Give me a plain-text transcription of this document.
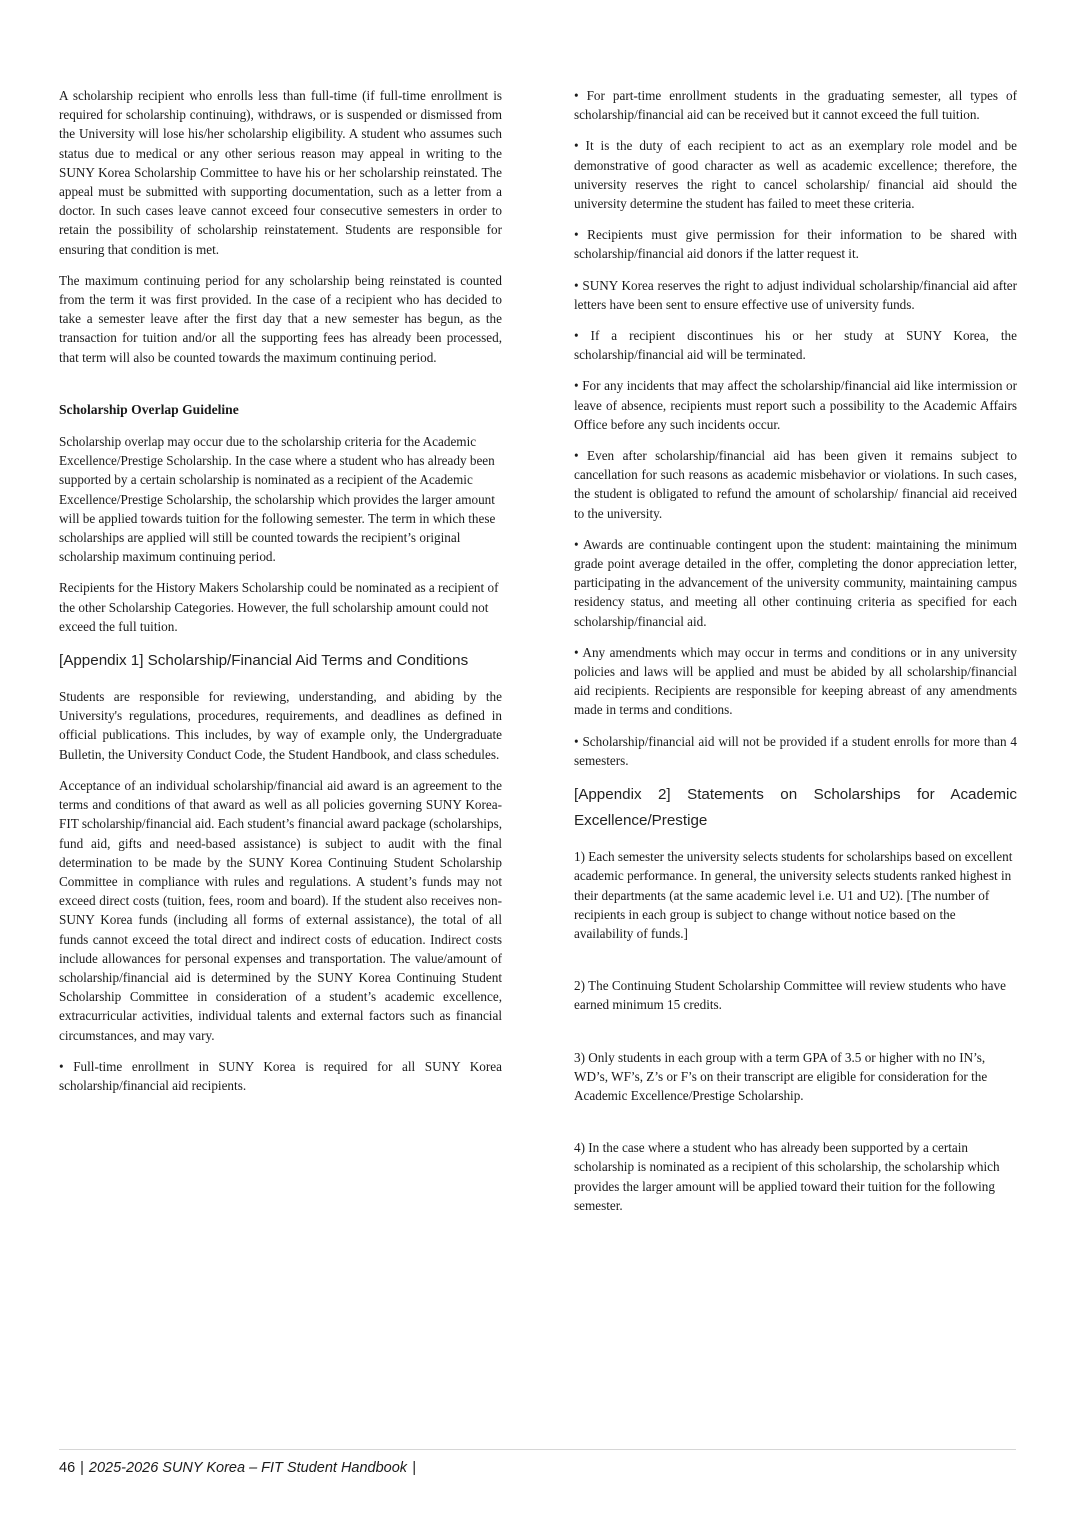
A scholarship recipient who enrolls less than full-time (if full-time enrollment is required for scholarship continuing), withdraws, or is suspended or dismissed from the University will lose his/her scholarship eligibility. A student who assumes such status due to medical or any other serious reason may appeal in writing to the SUNY Korea Scholarship Committee to have his or her scholarship reinstated. The appeal must be submitted with supporting documentation, such as a letter from a doctor. In such cases leave cannot exceed four consecutive semesters in order to retain the possibility of scholarship reinstatement. Students are responsible for ensuring that condition is met.
The maximum continuing period for any scholarship being reinstated is counted from the term it was first provided. In the case of a recipient who has decided to take a semester leave after the first day that a new semester has begun, as the transaction for tuition and/or all the supporting fees has already been processed, that term will also be counted towards the maximum continuing period.
Scholarship Overlap Guideline
Scholarship overlap may occur due to the scholarship criteria for the Academic Excellence/Prestige Scholarship. In the case where a student who has already been supported by a certain scholarship is nominated as a recipient of the Academic Excellence/Prestige Scholarship, the scholarship which provides the larger amount will be applied towards tuition for the following semester. The term in which these scholarships are applied will still be counted towards the recipient’s original scholarship maximum continuing period.
Recipients for the History Makers Scholarship could be nominated as a recipient of the other Scholarship Categories. However, the full scholarship amount could not exceed the full tuition.
[Appendix 1] Scholarship/Financial Aid Terms and Conditions
Students are responsible for reviewing, understanding, and abiding by the University's regulations, procedures, requirements, and deadlines as defined in official publications. This includes, by way of example only, the Undergraduate Bulletin, the University Conduct Code, the Student Handbook, and class schedules.
Acceptance of an individual scholarship/financial aid award is an agreement to the terms and conditions of that award as well as all policies governing SUNY Korea-FIT scholarship/financial aid. Each student’s financial award package (scholarships, fund aid, gifts and need-based assistance) is subject to audit with the final determination to be made by the SUNY Korea Continuing Student Scholarship Committee in compliance with rules and regulations. A student’s funds may not exceed direct costs (tuition, fees, room and board). If the student also receives non-SUNY Korea funds (including all forms of external assistance), the total of all funds cannot exceed the total direct and indirect costs of education. Indirect costs include allowances for personal expenses and transportation. The value/amount of scholarship/financial aid is determined by the SUNY Korea Continuing Student Scholarship Committee in consideration of a student’s academic excellence, extracurricular activities, individual talents and external factors such as financial circumstances, and may vary.
• Full-time enrollment in SUNY Korea is required for all SUNY Korea scholarship/financial aid recipients.
• For part-time enrollment students in the graduating semester, all types of scholarship/financial aid can be received but it cannot exceed the full tuition.
• It is the duty of each recipient to act as an exemplary role model and be demonstrative of good character as well as academic excellence; therefore, the university reserves the right to cancel scholarship/ financial aid should the university determine the student has failed to meet these criteria.
• Recipients must give permission for their information to be shared with scholarship/financial aid donors if the latter request it.
• SUNY Korea reserves the right to adjust individual scholarship/financial aid after letters have been sent to ensure effective use of university funds.
• If a recipient discontinues his or her study at SUNY Korea, the scholarship/financial aid will be terminated.
• For any incidents that may affect the scholarship/financial aid like intermission or leave of absence, recipients must report such a possibility to the Academic Affairs Office before any such incidents occur.
• Even after scholarship/financial aid has been given it remains subject to cancellation for such reasons as academic misbehavior or violations. In such cases, the student is obligated to refund the amount of scholarship/ financial aid received to the university.
• Awards are continuable contingent upon the student: maintaining the minimum grade point average detailed in the offer, completing the donor appreciation letter, participating in the advancement of the university community, maintaining campus residency status, and meeting all other continuing criteria as specified for each scholarship/financial aid.
• Any amendments which may occur in terms and conditions or in any university policies and laws will be applied and must be abided by all scholarship/financial aid recipients. Recipients are responsible for keeping abreast of any amendments made in terms and conditions.
• Scholarship/financial aid will not be provided if a student enrolls for more than 4 semesters.
[Appendix 2] Statements on Scholarships for Academic Excellence/Prestige
1) Each semester the university selects students for scholarships based on excellent academic performance. In general, the university selects students ranked highest in their departments (at the same academic level i.e. U1 and U2). [The number of recipients in each group is subject to change without notice based on the availability of funds.]
2) The Continuing Student Scholarship Committee will review students who have earned minimum 15 credits.
3) Only students in each group with a term GPA of 3.5 or higher with no IN’s, WD’s, WF’s, Z’s or F’s on their transcript are eligible for consideration for the Academic Excellence/Prestige Scholarship.
4) In the case where a student who has already been supported by a certain scholarship is nominated as a recipient of this scholarship, the scholarship which provides the larger amount will be applied toward their tuition for the following semester.
46 | 2025-2026 SUNY Korea – FIT Student Handbook |
